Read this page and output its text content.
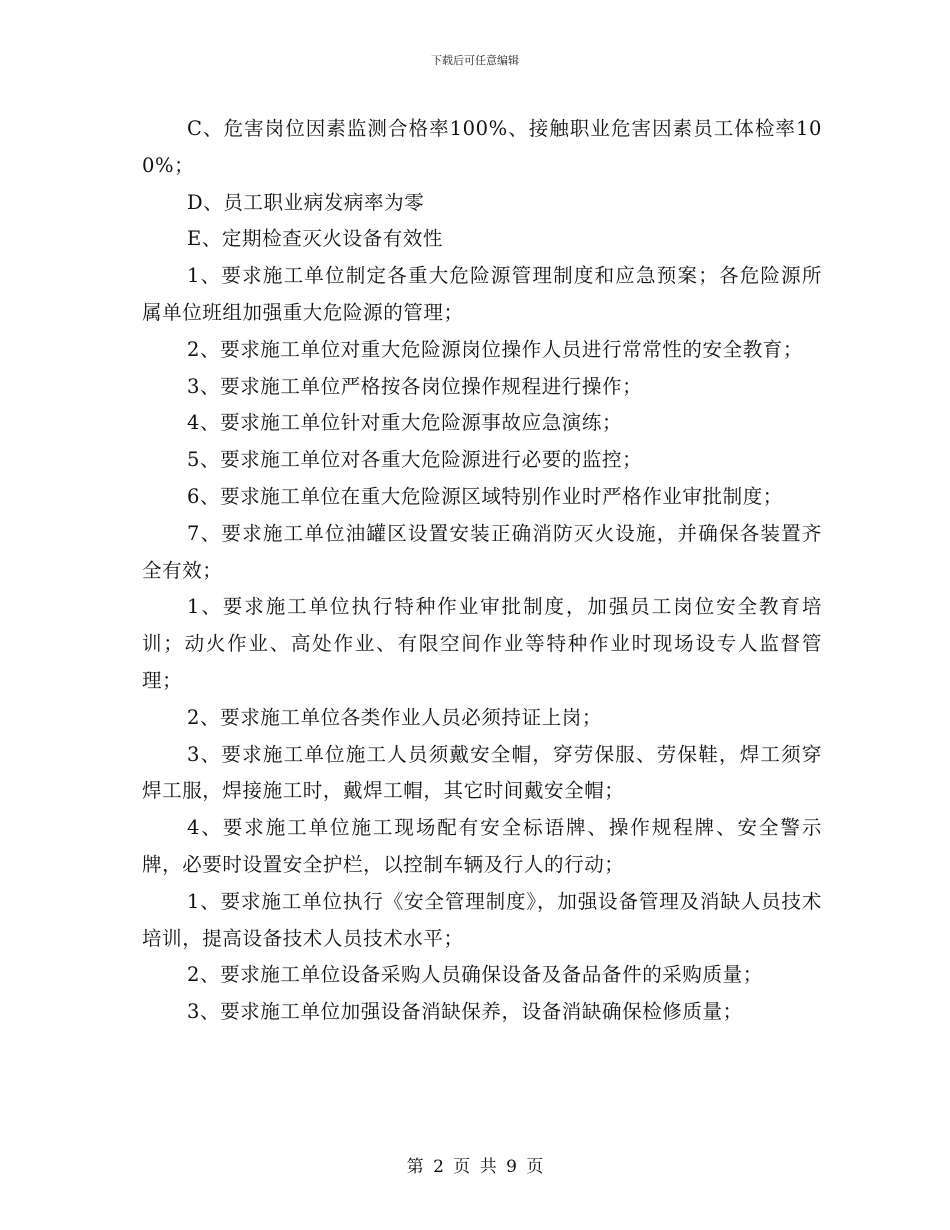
下载后可任意编辑

C、危害岗位因素监测合格率100%、接触职业危害因素员工体检率100%；

D、员工职业病发病率为零

E、定期检查灭火设备有效性

1、要求施工单位制定各重大危险源管理制度和应急预案；各危险源所属单位班组加强重大危险源的管理；

2、要求施工单位对重大危险源岗位操作人员进行常常性的安全教育；

3、要求施工单位严格按各岗位操作规程进行操作；

4、要求施工单位针对重大危险源事故应急演练；

5、要求施工单位对各重大危险源进行必要的监控；

6、要求施工单位在重大危险源区域特别作业时严格作业审批制度；

7、要求施工单位油罐区设置安装正确消防灭火设施，并确保各装置齐全有效；

1、要求施工单位执行特种作业审批制度，加强员工岗位安全教育培训；动火作业、高处作业、有限空间作业等特种作业时现场设专人监督管理；

2、要求施工单位各类作业人员必须持证上岗；

3、要求施工单位施工人员须戴安全帽，穿劳保服、劳保鞋，焊工须穿焊工服，焊接施工时，戴焊工帽，其它时间戴安全帽；

4、要求施工单位施工现场配有安全标语牌、操作规程牌、安全警示牌，必要时设置安全护栏，以控制车辆及行人的行动；

1、要求施工单位执行《安全管理制度》，加强设备管理及消缺人员技术培训，提高设备技术人员技术水平；

2、要求施工单位设备采购人员确保设备及备品备件的采购质量；

3、要求施工单位加强设备消缺保养，设备消缺确保检修质量；

第 2 页 共 9 页
